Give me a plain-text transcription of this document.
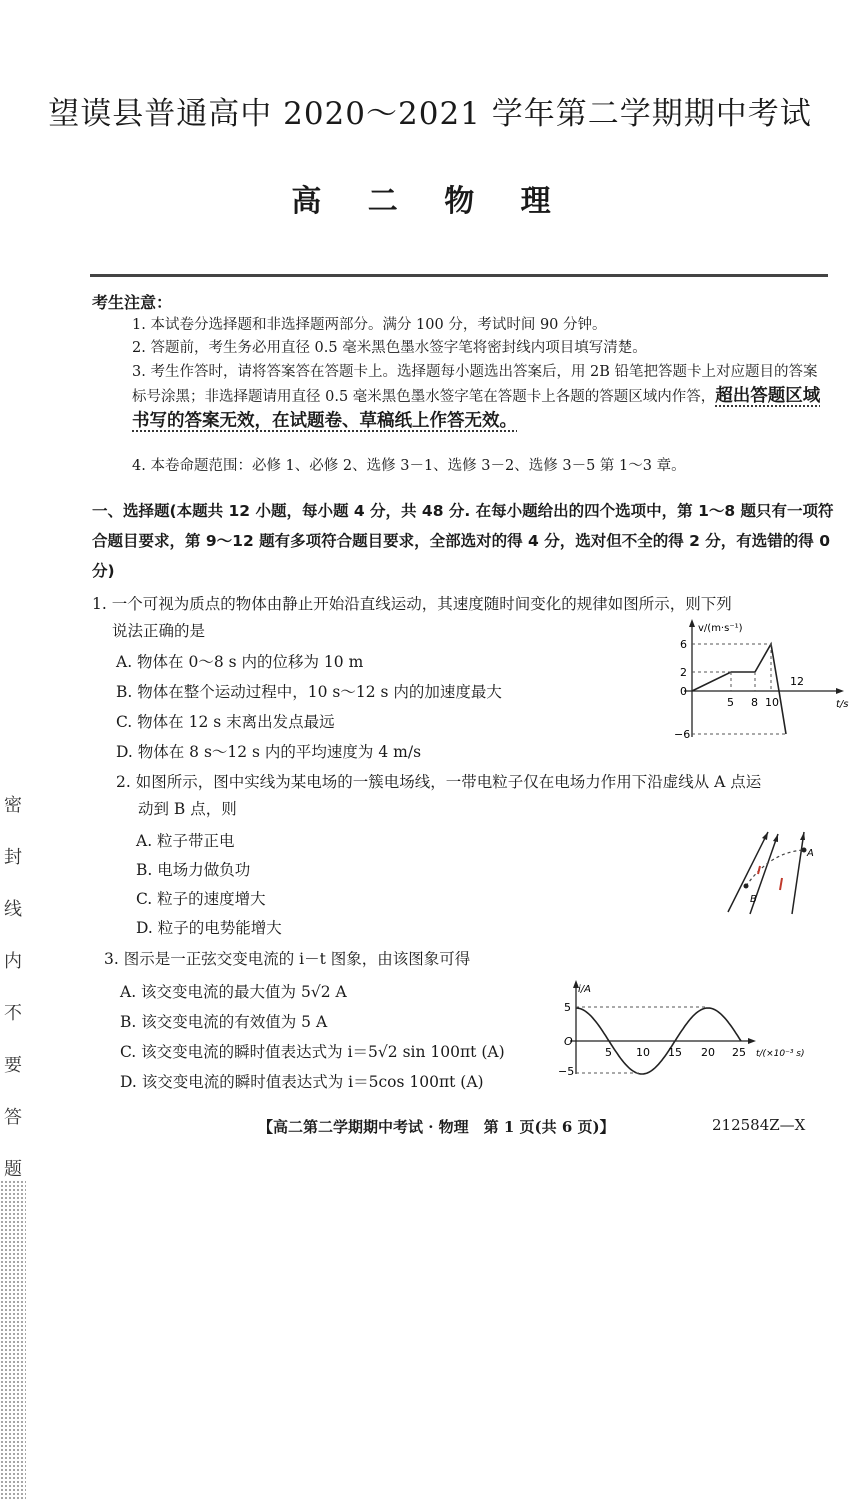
密封线内不要答题
望谟县普通高中 2020～2021 学年第二学期期中考试
高 二 物 理
考生注意：
1. 本试卷分选择题和非选择题两部分。满分 100 分，考试时间 90 分钟。
2. 答题前，考生务必用直径 0.5 毫米黑色墨水签字笔将密封线内项目填写清楚。
3. 考生作答时，请将答案答在答题卡上。选择题每小题选出答案后，用 2B 铅笔把答题卡上对应题目的答案标号涂黑；非选择题请用直径 0.5 毫米黑色墨水签字笔在答题卡上各题的答题区域内作答，超出答题区域书写的答案无效，在试题卷、草稿纸上作答无效。
4. 本卷命题范围：必修 1、必修 2、选修 3－1、选修 3－2、选修 3－5 第 1～3 章。
一、选择题(本题共 12 小题，每小题 4 分，共 48 分. 在每小题给出的四个选项中，第 1～8 题只有一项符合题目要求，第 9～12 题有多项符合题目要求，全部选对的得 4 分，选对但不全的得 2 分，有选错的得 0 分)
1. 一个可视为质点的物体由静止开始沿直线运动，其速度随时间变化的规律如图所示，则下列
说法正确的是
A. 物体在 0～8 s 内的位移为 10 m
B. 物体在整个运动过程中，10 s～12 s 内的加速度最大
C. 物体在 12 s 末离出发点最远
D. 物体在 8 s～12 s 内的平均速度为 4 m/s
v/(m·s⁻¹)
t/s
6
2
0
−6
5 8 10
12
2. 如图所示，图中实线为某电场的一簇电场线，一带电粒子仅在电场力作用下沿虚线从 A 点运
动到 B 点，则
A. 粒子带正电
B. 电场力做负功
C. 粒子的速度增大
D. 粒子的电势能增大
A
B
3. 图示是一正弦交变电流的 i－t 图象，由该图象可得
A. 该交变电流的最大值为 5√2 A
B. 该交变电流的有效值为 5 A
C. 该交变电流的瞬时值表达式为 i＝5√2 sin 100πt (A)
D. 该交变电流的瞬时值表达式为 i＝5cos 100πt (A)
i/A
t/(×10⁻³ s)
5
O
−5
5 10 15 20 25
【高二第二学期期中考试 · 物理　第 1 页(共 6 页)】	212584Z—X
